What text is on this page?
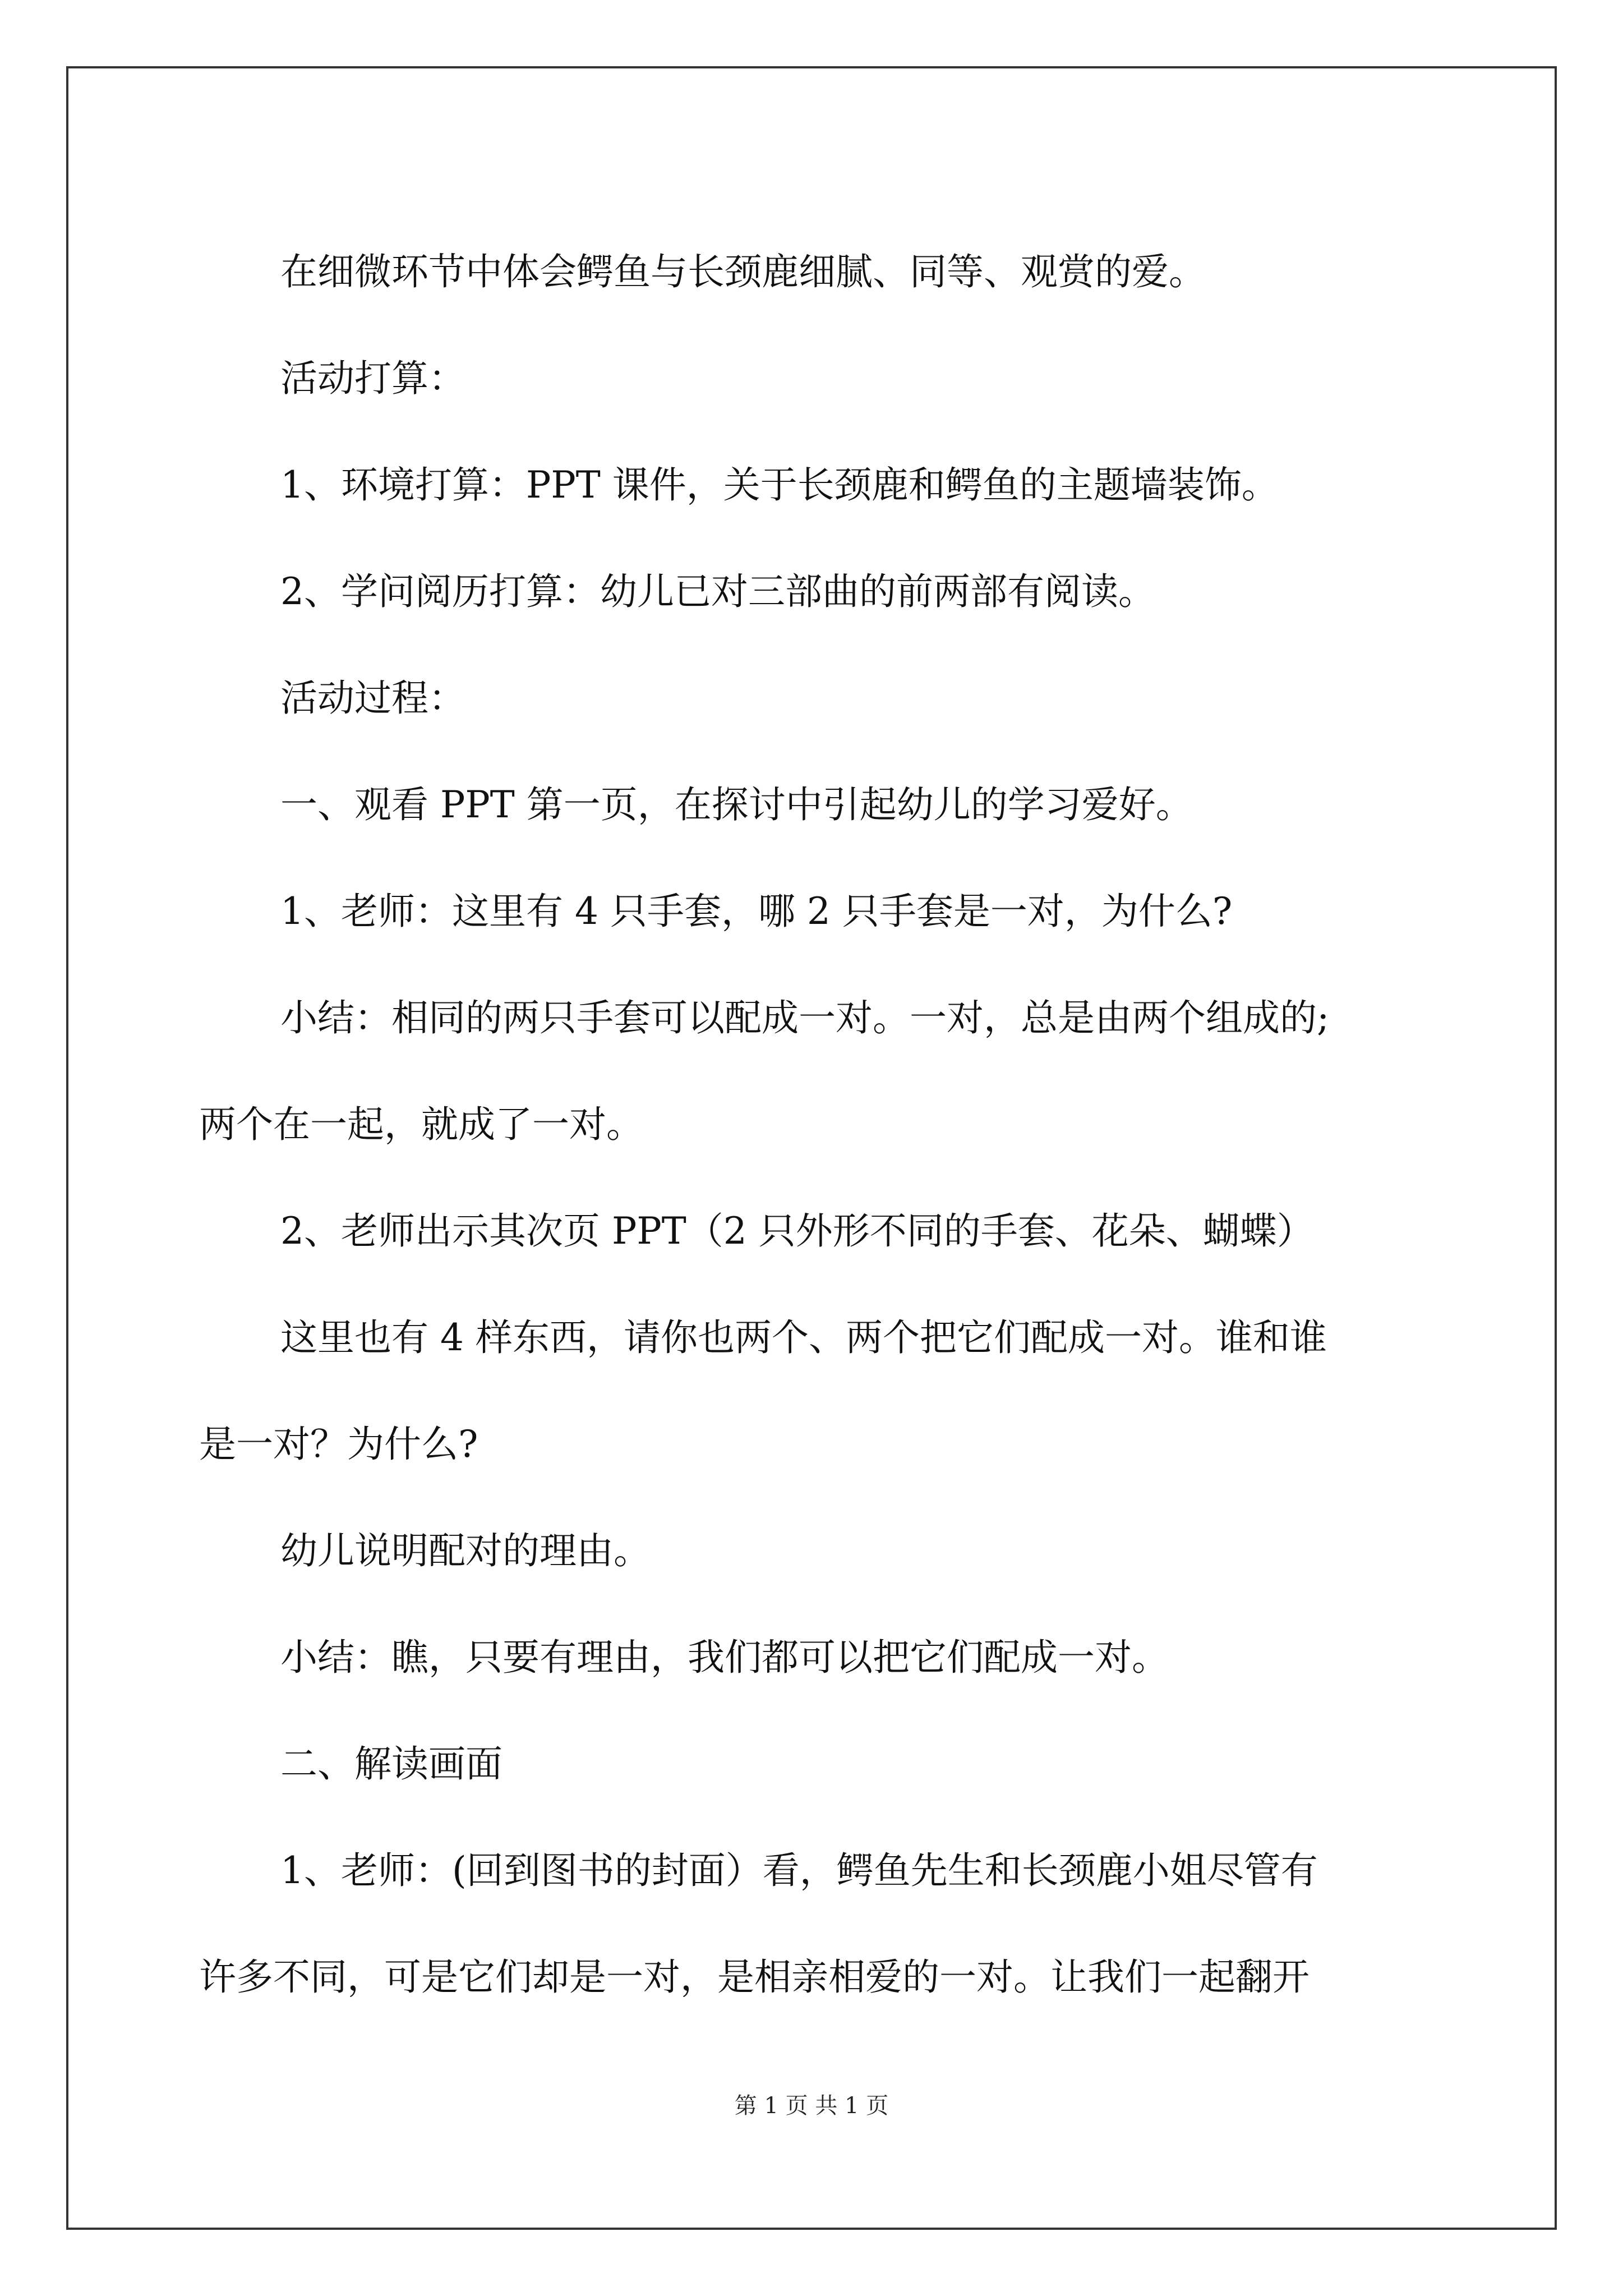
在细微环节中体会鳄鱼与长颈鹿细腻、同等、观赏的爱。

活动打算：

1、环境打算：PPT 课件，关于长颈鹿和鳄鱼的主题墙装饰。

2、学问阅历打算：幼儿已对三部曲的前两部有阅读。

活动过程：

一、观看 PPT 第一页，在探讨中引起幼儿的学习爱好。

1、老师：这里有 4 只手套，哪 2 只手套是一对，为什么?

小结：相同的两只手套可以配成一对。一对，总是由两个组成的;

两个在一起，就成了一对。

2、老师出示其次页 PPT（2 只外形不同的手套、花朵、蝴蝶）

这里也有 4 样东西，请你也两个、两个把它们配成一对。谁和谁

是一对？为什么?

幼儿说明配对的理由。

小结：瞧，只要有理由，我们都可以把它们配成一对。

二、解读画面

1、老师：(回到图书的封面）看，鳄鱼先生和长颈鹿小姐尽管有

许多不同，可是它们却是一对，是相亲相爱的一对。让我们一起翻开

第 1 页 共 1 页
